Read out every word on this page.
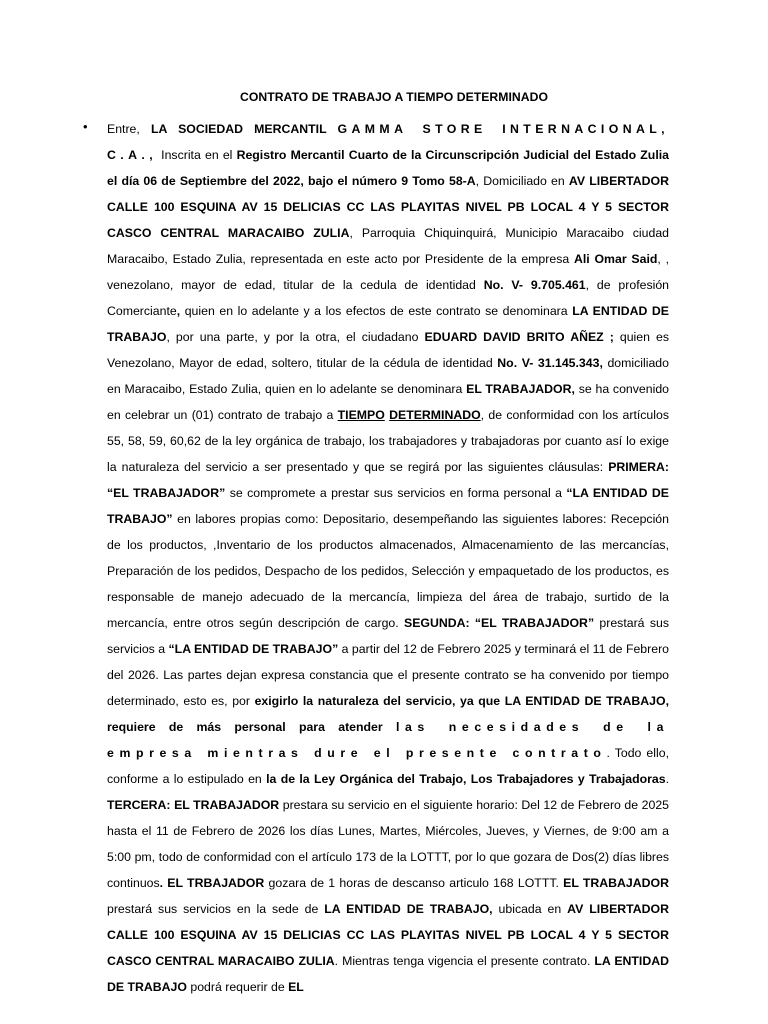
CONTRATO DE TRABAJO A TIEMPO DETERMINADO
• Entre, LA SOCIEDAD MERCANTIL GAMMA STORE INTERNACIONAL, C.A., Inscrita en el Registro Mercantil Cuarto de la Circunscripción Judicial del Estado Zulia el día 06 de Septiembre del 2022, bajo el número 9 Tomo 58-A, Domiciliado en AV LIBERTADOR CALLE 100 ESQUINA AV 15 DELICIAS CC LAS PLAYITAS NIVEL PB LOCAL 4 Y 5 SECTOR CASCO CENTRAL MARACAIBO ZULIA, Parroquia Chiquinquirá, Municipio Maracaibo ciudad Maracaibo, Estado Zulia, representada en este acto por Presidente de la empresa Ali Omar Said, , venezolano, mayor de edad, titular de la cedula de identidad No. V- 9.705.461, de profesión Comerciante, quien en lo adelante y a los efectos de este contrato se denominara LA ENTIDAD DE TRABAJO, por una parte, y por la otra, el ciudadano EDUARD DAVID BRITO AÑEZ ; quien es Venezolano, Mayor de edad, soltero, titular de la cédula de identidad No. V- 31.145.343, domiciliado en Maracaibo, Estado Zulia, quien en lo adelante se denominara EL TRABAJADOR, se ha convenido en celebrar un (01) contrato de trabajo a TIEMPO DETERMINADO, de conformidad con los artículos 55, 58, 59, 60,62 de la ley orgánica de trabajo, los trabajadores y trabajadoras por cuanto así lo exige la naturaleza del servicio a ser presentado y que se regirá por las siguientes cláusulas: PRIMERA: “EL TRABAJADOR” se compromete a prestar sus servicios en forma personal a “LA ENTIDAD DE TRABAJO” en labores propias como: Depositario, desempeñando las siguientes labores: Recepción de los productos, ,Inventario de los productos almacenados, Almacenamiento de las mercancías, Preparación de los pedidos, Despacho de los pedidos, Selección y empaquetado de los productos, es responsable de manejo adecuado de la mercancía, limpieza del área de trabajo, surtido de la mercancía, entre otros según descripción de cargo. SEGUNDA: “EL TRABAJADOR” prestará sus servicios a “LA ENTIDAD DE TRABAJO” a partir del 12 de Febrero 2025 y terminará el 11 de Febrero del 2026. Las partes dejan expresa constancia que el presente contrato se ha convenido por tiempo determinado, esto es, por exigirlo la naturaleza del servicio, ya que LA ENTIDAD DE TRABAJO, requiere de más personal para atender las necesidades de la empresa mientras dure el presente contrato. Todo ello, conforme a lo estipulado en la de la Ley Orgánica del Trabajo, Los Trabajadores y Trabajadoras. TERCERA: EL TRABAJADOR prestara su servicio en el siguiente horario: Del 12 de Febrero de 2025 hasta el 11 de Febrero de 2026 los días Lunes, Martes, Miércoles, Jueves, y Viernes, de 9:00 am a 5:00 pm, todo de conformidad con el artículo 173 de la LOTTT, por lo que gozara de Dos(2) días libres continuos. EL TRBAJADOR gozara de 1 horas de descanso articulo 168 LOTTT. EL TRABAJADOR prestará sus servicios en la sede de LA ENTIDAD DE TRABAJO, ubicada en AV LIBERTADOR CALLE 100 ESQUINA AV 15 DELICIAS CC LAS PLAYITAS NIVEL PB LOCAL 4 Y 5 SECTOR CASCO CENTRAL MARACAIBO ZULIA. Mientras tenga vigencia el presente contrato. LA ENTIDAD DE TRABAJO podrá requerir de EL
